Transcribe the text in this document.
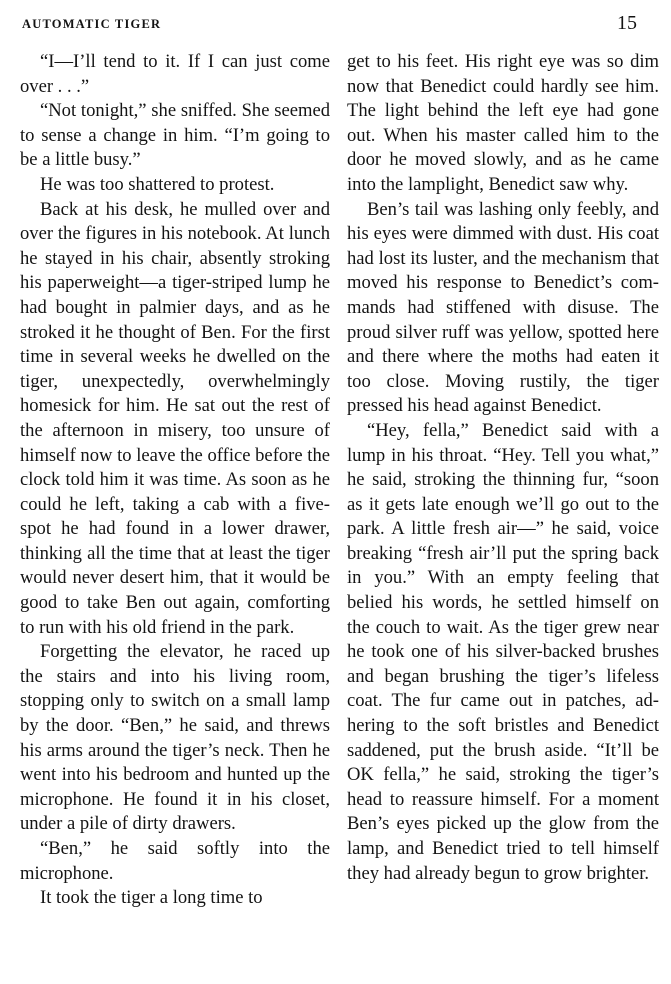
AUTOMATIC TIGER	15

“I—I’ll tend to it. If I can just come over . . .”

“Not tonight,” she sniffed. She seemed to sense a change in him. “I’m going to be a little busy.”

He was too shattered to protest.

Back at his desk, he mulled over and over the figures in his notebook. At lunch he stayed in his chair, absently stroking his paperweight—a tiger-striped lump he had bought in palmier days, and as he stroked it he thought of Ben. For the first time in several weeks he dwelled on the tiger, unexpectedly, overwhelmingly homesick for him. He sat out the rest of the afternoon in misery, too unsure of himself now to leave the office before the clock told him it was time. As soon as he could he left, taking a cab with a five-spot he had found in a lower drawer, thinking all the time that at least the tiger would never desert him, that it would be good to take Ben out again, comforting to run with his old friend in the park.

Forgetting the elevator, he raced up the stairs and into his living room, stopping only to switch on a small lamp by the door. “Ben,” he said, and threws his arms around the tiger’s neck. Then he went into his bedroom and hunted up the microphone. He found it in his closet, under a pile of dirty drawers.

“Ben,” he said softly into the microphone.

It took the tiger a long time to

get to his feet. His right eye was so dim now that Benedict could hardly see him. The light behind the left eye had gone out. When his master called him to the door he moved slowly, and as he came into the lamplight, Benedict saw why.

Ben’s tail was lashing only feebly, and his eyes were dimmed with dust. His coat had lost its luster, and the mechanism that moved his response to Benedict’s commands had stiffened with disuse. The proud silver ruff was yellow, spotted here and there where the moths had eaten it too close. Moving rustily, the tiger pressed his head against Benedict.

“Hey, fella,” Benedict said with a lump in his throat. “Hey. Tell you what,” he said, stroking the thinning fur, “soon as it gets late enough we’ll go out to the park. A little fresh air—” he said, voice breaking “fresh air’ll put the spring back in you.” With an empty feeling that belied his words, he settled himself on the couch to wait. As the tiger grew near he took one of his silver-backed brushes and began brushing the tiger’s lifeless coat. The fur came out in patches, adhering to the soft bristles and Benedict saddened, put the brush aside. “It’ll be OK fella,” he said, stroking the tiger’s head to reassure himself. For a moment Ben’s eyes picked up the glow from the lamp, and Benedict tried to tell himself they had already begun to grow brighter.
